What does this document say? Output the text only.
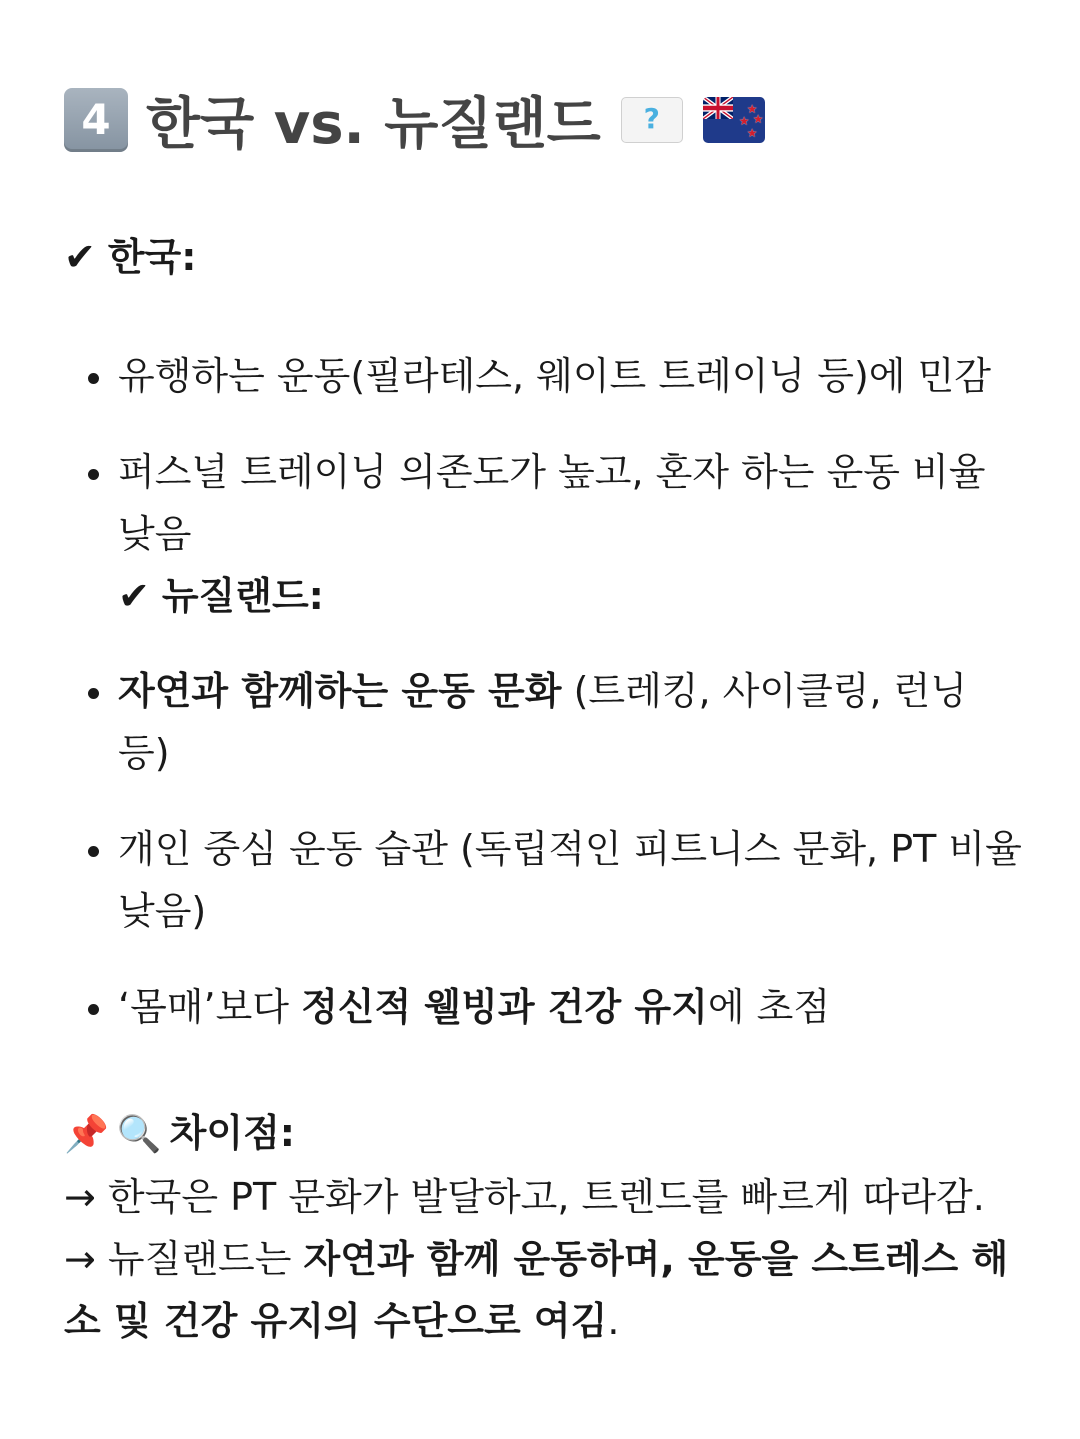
4 한국 vs. 뉴질랜드	?	★
★ ★
★
✔ 한국:
유행하는 운동(필라테스, 웨이트 트레이닝 등)에 민감
퍼스널 트레이닝 의존도가 높고, 혼자 하는 운동 비율 낮음
✔ 뉴질랜드:
자연과 함께하는 운동 문화 (트레킹, 사이클링, 런닝 등)
개인 중심 운동 습관 (독립적인 피트니스 문화, PT 비율 낮음)
‘몸매’보다 정신적 웰빙과 건강 유지에 초점
📌 🔍 차이점:
→ 한국은 PT 문화가 발달하고, 트렌드를 빠르게 따라감.
→ 뉴질랜드는 자연과 함께 운동하며, 운동을 스트레스 해소 및 건강 유지의 수단으로 여김.
